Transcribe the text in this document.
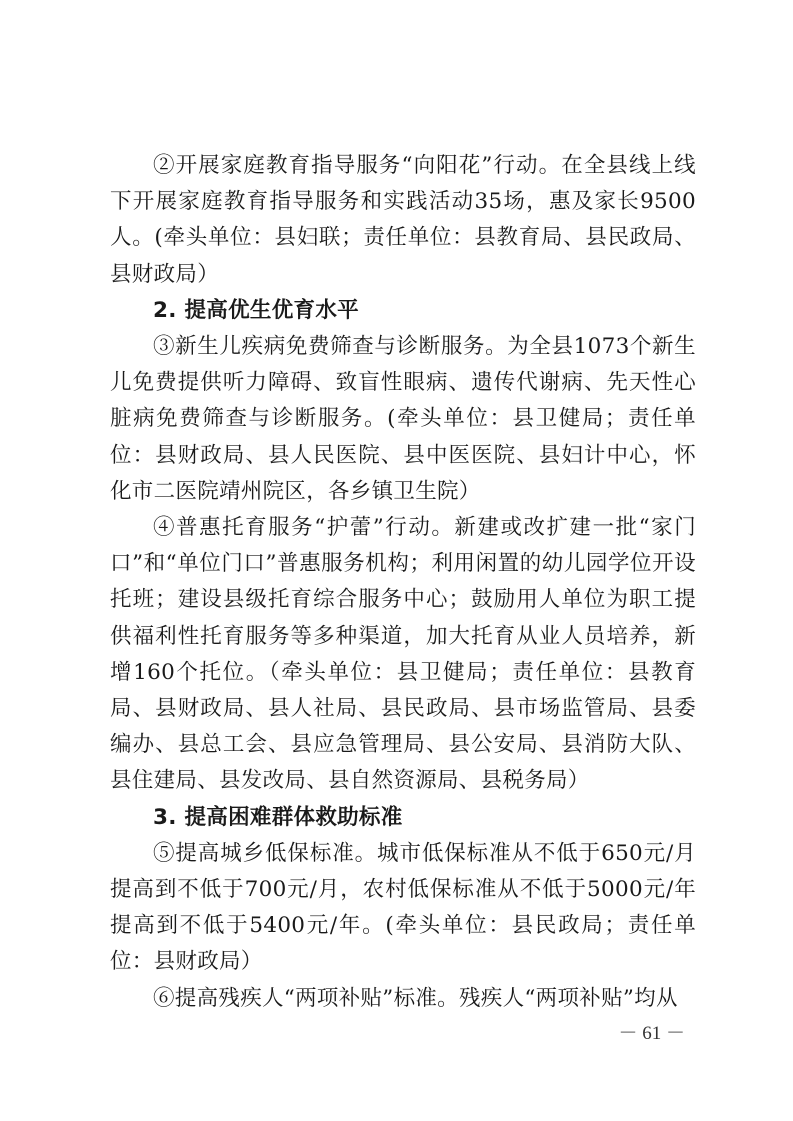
②开展家庭教育指导服务“向阳花”行动。在全县线上线下开展家庭教育指导服务和实践活动35场，惠及家长9500人。(牵头单位：县妇联；责任单位：县教育局、县民政局、县财政局）

2. 提高优生优育水平

③新生儿疾病免费筛查与诊断服务。为全县1073个新生儿免费提供听力障碍、致盲性眼病、遗传代谢病、先天性心脏病免费筛查与诊断服务。(牵头单位：县卫健局；责任单位：县财政局、县人民医院、县中医医院、县妇计中心，怀化市二医院靖州院区，各乡镇卫生院）

④普惠托育服务“护蕾”行动。新建或改扩建一批“家门口”和“单位门口”普惠服务机构；利用闲置的幼儿园学位开设托班；建设县级托育综合服务中心；鼓励用人单位为职工提供福利性托育服务等多种渠道，加大托育从业人员培养，新增160个托位。（牵头单位：县卫健局；责任单位：县教育局、县财政局、县人社局、县民政局、县市场监管局、县委编办、县总工会、县应急管理局、县公安局、县消防大队、县住建局、县发改局、县自然资源局、县税务局）

3. 提高困难群体救助标准

⑤提高城乡低保标准。城市低保标准从不低于650元/月提高到不低于700元/月，农村低保标准从不低于5000元/年提高到不低于5400元/年。(牵头单位：县民政局；责任单位：县财政局）

⑥提高残疾人“两项补贴”标准。残疾人“两项补贴”均从

－ 61 －
